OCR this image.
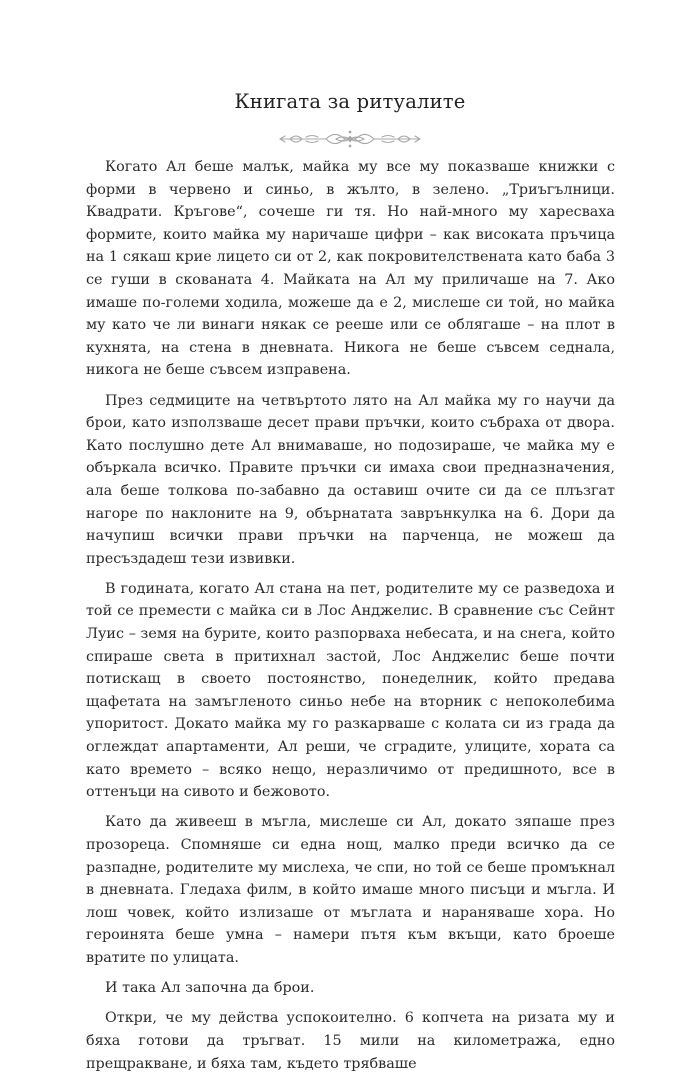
Книгата за ритуалите

Когато Ал беше малък, майка му все му показваше книжки с форми в червено и синьо, в жълто, в зелено. „Триъгълници. Квадрати. Кръгове“, сочеше ги тя. Но най-много му харесваха формите, които майка му наричаше цифри – как високата пръчица на 1 сякаш крие лицето си от 2, как покровителствената като баба 3 се гуши в скованата 4. Майката на Ал му приличаше на 7. Ако имаше по-големи ходила, можеше да е 2, мислеше си той, но майка му като че ли винаги някак се рееше или се облягаше – на плот в кухнята, на стена в дневната. Никога не беше съвсем седнала, никога не беше съвсем изправена.

През седмиците на четвъртото лято на Ал майка му го научи да брои, като използваше десет прави пръчки, които събраха от двора. Като послушно дете Ал внимаваше, но подозираше, че майка му е объркала всичко. Правите пръчки си имаха свои предназначения, ала беше толкова по-забавно да оставиш очите си да се плъзгат нагоре по наклоните на 9, обърнатата заврънкулка на 6. Дори да начупиш всички прави пръчки на парченца, не можеш да пресъздадеш тези извивки.

В годината, когато Ал стана на пет, родителите му се разведоха и той се премести с майка си в Лос Анджелис. В сравнение със Сейнт Луис – земя на бурите, които разпорваха небесата, и на снега, който спираше света в притихнал застой, Лос Анджелис беше почти потискащ в своето постоянство, понеделник, който предава щафетата на замъгленото синьо небе на вторник с непоколебима упоритост. Докато майка му го разкарваше с колата си из града да оглеждат апартаменти, Ал реши, че сградите, улиците, хората са като времето – всяко нещо, неразличимо от предишното, все в оттенъци на сивото и бежовото.

Като да живееш в мъгла, мислеше си Ал, докато зяпаше през прозореца. Спомняше си една нощ, малко преди всичко да се разпадне, родителите му мислеха, че спи, но той се беше промъкнал в дневната. Гледаха филм, в който имаше много писъци и мъгла. И лош човек, който излизаше от мъглата и нараняваше хора. Но героинята беше умна – намери пътя към вкъщи, като броеше вратите по улицата.

И така Ал започна да брои.

Откри, че му действа успокоително. 6 копчета на ризата му и бяха готови да тръгват. 15 мили на километража, едно прещракване, и бяха там, където трябваше
